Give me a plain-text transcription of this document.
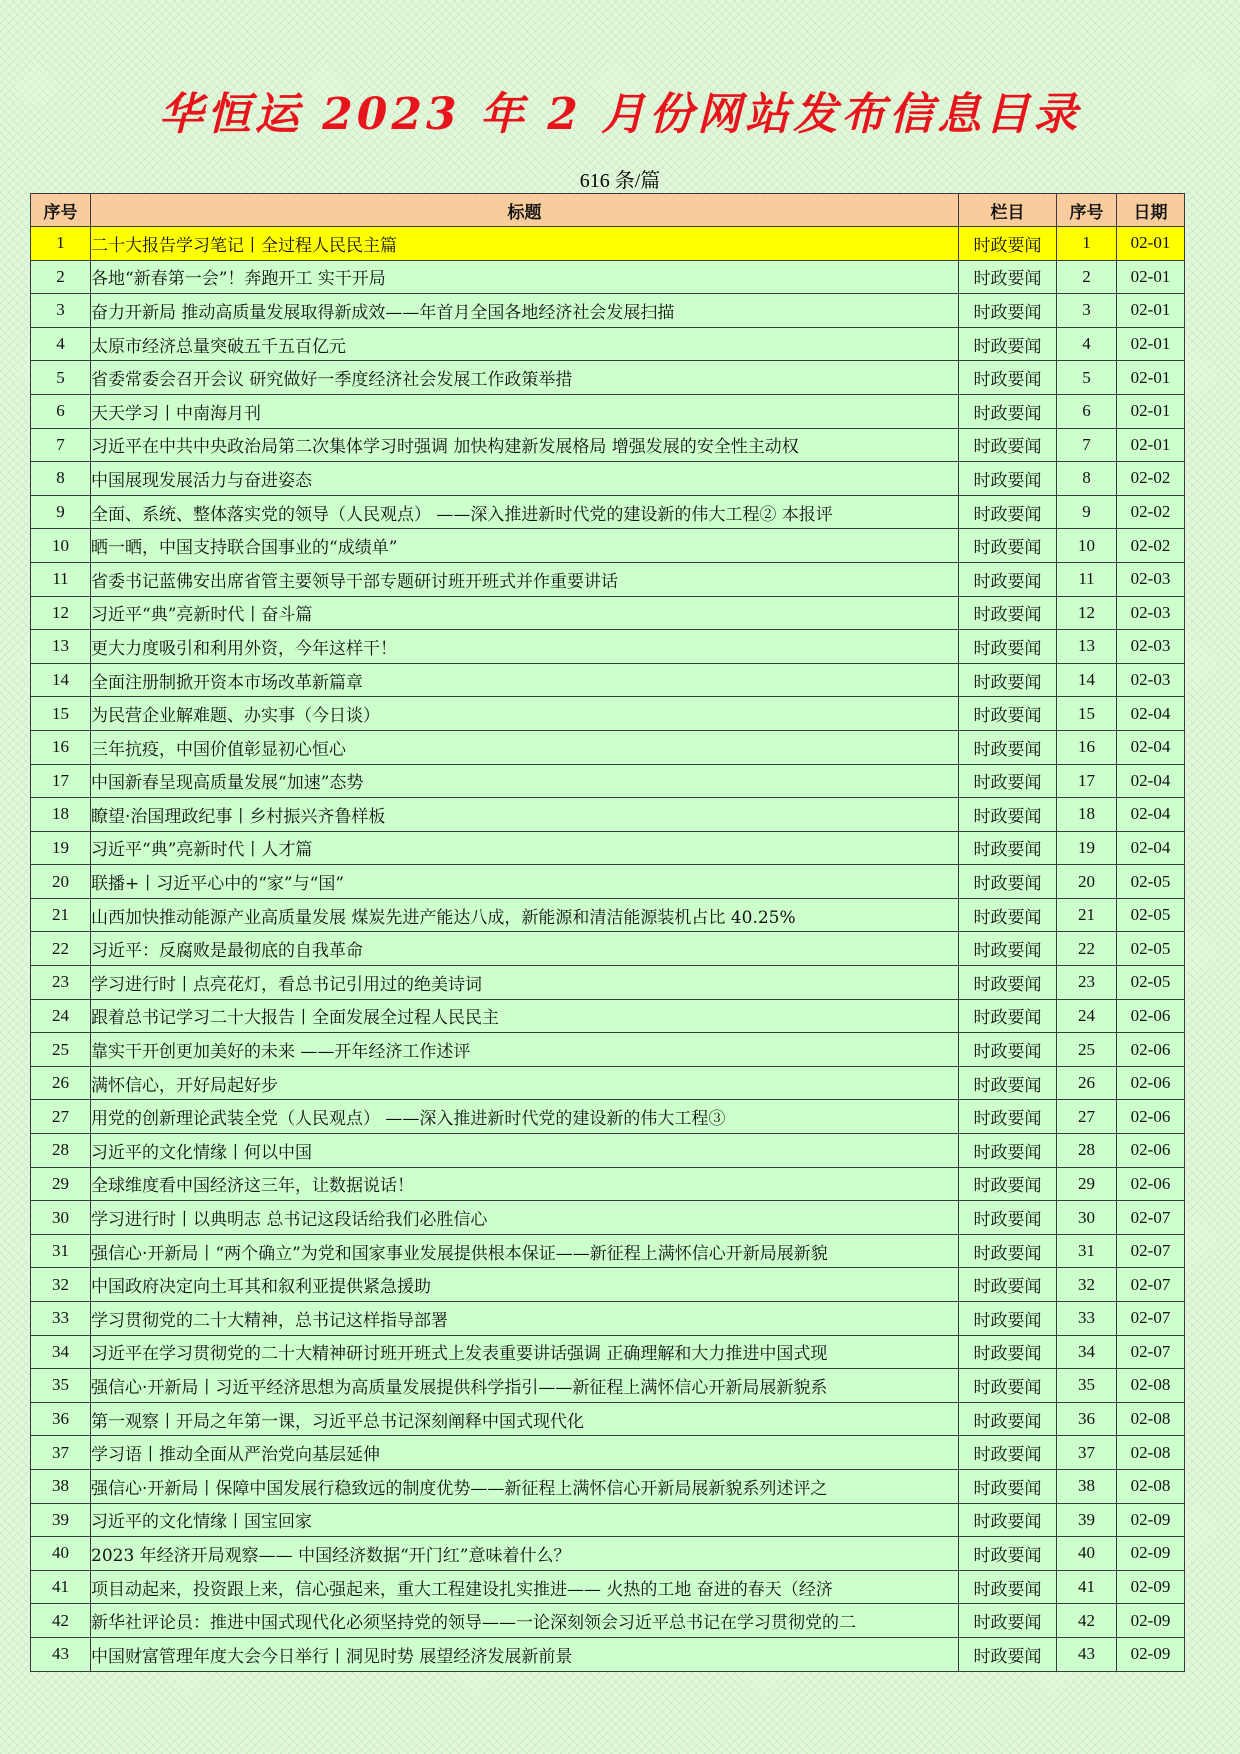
华恒运 2023 年 2 月份网站发布信息目录
616 条/篇
序号	标题	栏目	序号	日期
1	二十大报告学习笔记丨全过程人民民主篇	时政要闻	1	02-01
2	各地“新春第一会”！奔跑开工 实干开局	时政要闻	2	02-01
3	奋力开新局 推动高质量发展取得新成效——年首月全国各地经济社会发展扫描	时政要闻	3	02-01
4	太原市经济总量突破五千五百亿元	时政要闻	4	02-01
5	省委常委会召开会议 研究做好一季度经济社会发展工作政策举措	时政要闻	5	02-01
6	天天学习丨中南海月刊	时政要闻	6	02-01
7	习近平在中共中央政治局第二次集体学习时强调 加快构建新发展格局 增强发展的安全性主动权	时政要闻	7	02-01
8	中国展现发展活力与奋进姿态	时政要闻	8	02-02
9	全面、系统、整体落实党的领导（人民观点） ——深入推进新时代党的建设新的伟大工程② 本报评	时政要闻	9	02-02
10	晒一晒，中国支持联合国事业的“成绩单”	时政要闻	10	02-02
11	省委书记蓝佛安出席省管主要领导干部专题研讨班开班式并作重要讲话	时政要闻	11	02-03
12	习近平“典”亮新时代丨奋斗篇	时政要闻	12	02-03
13	更大力度吸引和利用外资，今年这样干！	时政要闻	13	02-03
14	全面注册制掀开资本市场改革新篇章	时政要闻	14	02-03
15	为民营企业解难题、办实事（今日谈）	时政要闻	15	02-04
16	三年抗疫，中国价值彰显初心恒心	时政要闻	16	02-04
17	中国新春呈现高质量发展“加速”态势	时政要闻	17	02-04
18	瞭望·治国理政纪事丨乡村振兴齐鲁样板	时政要闻	18	02-04
19	习近平“典”亮新时代丨人才篇	时政要闻	19	02-04
20	联播+丨习近平心中的“家”与“国”	时政要闻	20	02-05
21	山西加快推动能源产业高质量发展 煤炭先进产能达八成，新能源和清洁能源装机占比 40.25%	时政要闻	21	02-05
22	习近平：反腐败是最彻底的自我革命	时政要闻	22	02-05
23	学习进行时丨点亮花灯，看总书记引用过的绝美诗词	时政要闻	23	02-05
24	跟着总书记学习二十大报告丨全面发展全过程人民民主	时政要闻	24	02-06
25	靠实干开创更加美好的未来 ——开年经济工作述评	时政要闻	25	02-06
26	满怀信心，开好局起好步	时政要闻	26	02-06
27	用党的创新理论武装全党（人民观点） ——深入推进新时代党的建设新的伟大工程③	时政要闻	27	02-06
28	习近平的文化情缘丨何以中国	时政要闻	28	02-06
29	全球维度看中国经济这三年，让数据说话！	时政要闻	29	02-06
30	学习进行时丨以典明志 总书记这段话给我们必胜信心	时政要闻	30	02-07
31	强信心·开新局丨“两个确立”为党和国家事业发展提供根本保证——新征程上满怀信心开新局展新貌	时政要闻	31	02-07
32	中国政府决定向土耳其和叙利亚提供紧急援助	时政要闻	32	02-07
33	学习贯彻党的二十大精神，总书记这样指导部署	时政要闻	33	02-07
34	习近平在学习贯彻党的二十大精神研讨班开班式上发表重要讲话强调 正确理解和大力推进中国式现	时政要闻	34	02-07
35	强信心·开新局丨习近平经济思想为高质量发展提供科学指引——新征程上满怀信心开新局展新貌系	时政要闻	35	02-08
36	第一观察丨开局之年第一课，习近平总书记深刻阐释中国式现代化	时政要闻	36	02-08
37	学习语丨推动全面从严治党向基层延伸	时政要闻	37	02-08
38	强信心·开新局丨保障中国发展行稳致远的制度优势——新征程上满怀信心开新局展新貌系列述评之	时政要闻	38	02-08
39	习近平的文化情缘丨国宝回家	时政要闻	39	02-09
40	2023 年经济开局观察—— 中国经济数据“开门红”意味着什么？	时政要闻	40	02-09
41	项目动起来，投资跟上来，信心强起来，重大工程建设扎实推进—— 火热的工地 奋进的春天（经济	时政要闻	41	02-09
42	新华社评论员：推进中国式现代化必须坚持党的领导——一论深刻领会习近平总书记在学习贯彻党的二	时政要闻	42	02-09
43	中国财富管理年度大会今日举行丨洞见时势 展望经济发展新前景	时政要闻	43	02-09
